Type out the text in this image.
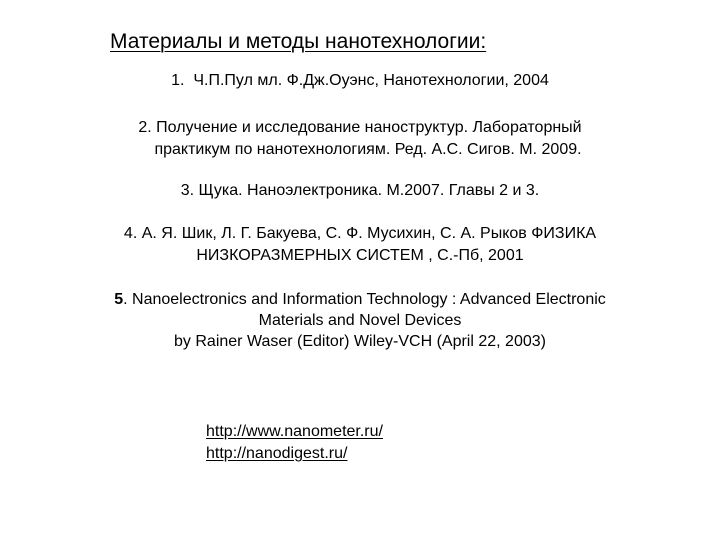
Материалы и методы нанотехнологии:
1. Ч.П.Пул мл. Ф.Дж.Оуэнс, Нанотехнологии, 2004
2. Получение и исследование наноструктур. Лабораторный
практикум по нанотехнологиям. Ред. А.С. Сигов. М. 2009.
3. Щука. Наноэлектроника. М.2007. Главы 2 и 3.
4. А. Я. Шик, Л. Г. Бакуева, С. Ф. Мусихин, С. А. Рыков ФИЗИКА
НИЗКОРАЗМЕРНЫХ СИСТЕМ , С.-Пб, 2001
5. Nanoelectronics and Information Technology : Advanced Electronic
Materials and Novel Devices
by Rainer Waser (Editor) Wiley-VCH (April 22, 2003)
http://www.nanometer.ru/
http://nanodigest.ru/
